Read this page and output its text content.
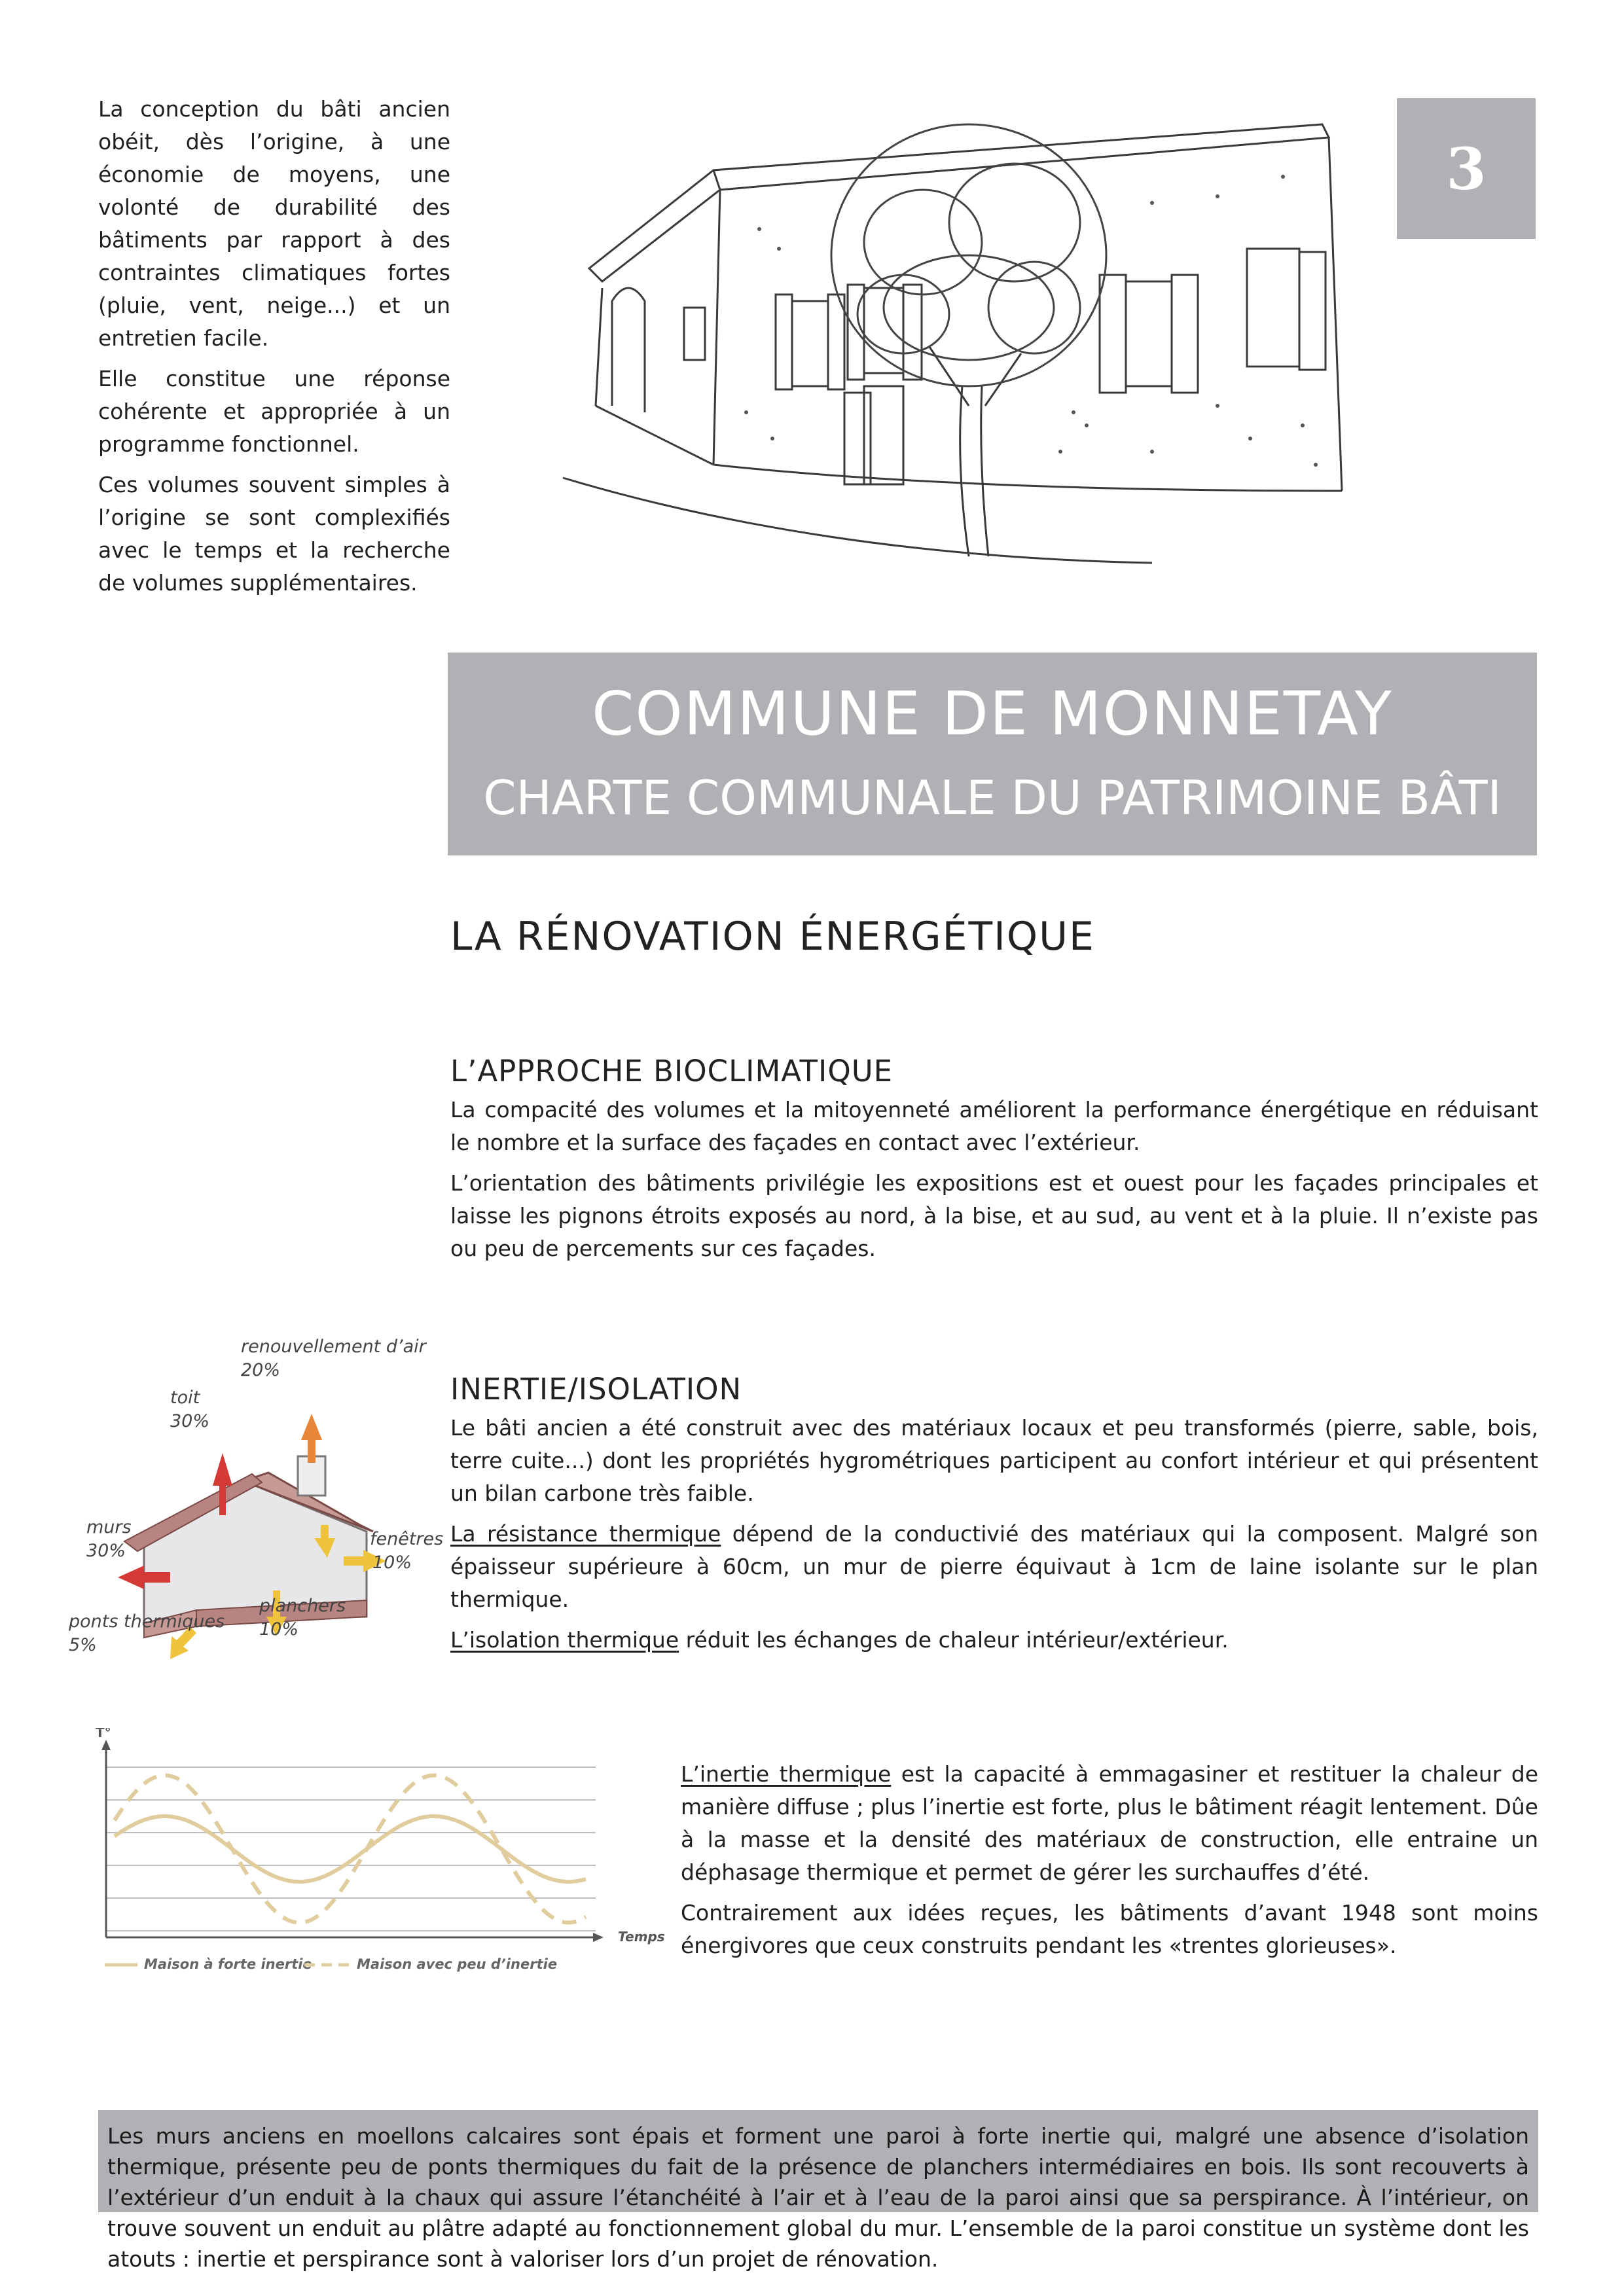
La conception du bâti ancien obéit, dès l’origine, à une économie de moyens, une volonté de durabilité des bâtiments par rapport à des contraintes climatiques fortes (pluie, vent, neige...) et un entretien facile.

Elle constitue une réponse cohérente et appropriée à un programme fonctionnel.

Ces volumes souvent simples à l’origine se sont complexifiés avec le temps et la recherche de volumes supplémentaires.

3
COMMUNE DE MONNETAY
CHARTE COMMUNALE DU PATRIMOINE BÂTI
LA RÉNOVATION ÉNERGÉTIQUE
L’APPROCHE BIOCLIMATIQUE

La compacité des volumes et la mitoyenneté améliorent la performance énergétique en réduisant le nombre et la surface des façades en contact avec l’extérieur.

L’orientation des bâtiments privilégie les expositions est et ouest pour les façades principales et laisse les pignons étroits exposés au nord, à la bise, et au sud, au vent et à la pluie. Il n’existe pas ou peu de percements sur ces façades.

INERTIE/ISOLATION

Le bâti ancien a été construit avec des matériaux locaux et peu transformés (pierre, sable, bois, terre cuite...) dont les propriétés hygrométriques participent au confort intérieur et qui présentent un bilan carbone très faible.

La résistance thermique dépend de la conductivié des matériaux qui la composent. Malgré son épaisseur supérieure à 60cm, un mur de pierre équivaut à 1cm de laine isolante sur le plan thermique.

L’isolation thermique réduit les échanges de chaleur intérieur/extérieur.

renouvellement d’air
20%
toit
30%
murs
30%
fenêtres
10%
planchers
10%
ponts thermiques
5%
T°
Temps
Maison à forte inertie	Maison avec peu d’inertie

L’inertie thermique est la capacité à emmagasiner et restituer la chaleur de manière diffuse ; plus l’inertie est forte, plus le bâtiment réagit lentement. Dûe à la masse et la densité des matériaux de construction, elle entraine un déphasage thermique et permet de gérer les surchauffes d’été.

Contrairement aux idées reçues, les bâtiments d’avant 1948 sont moins énergivores que ceux construits pendant les «trentes glorieuses».

Les murs anciens en moellons calcaires sont épais et forment une paroi à forte inertie qui, malgré une absence d’isolation thermique, présente peu de ponts thermiques du fait de la présence de planchers intermédiaires en bois. Ils sont recouverts à l’extérieur d’un enduit à la chaux qui assure l’étanchéité à l’air et à l’eau de la paroi ainsi que sa perspirance. À l’intérieur, on trouve souvent un enduit au plâtre adapté au fonctionnement global du mur. L’ensemble de la paroi constitue un système dont les atouts : inertie et perspirance sont à valoriser lors d’un projet de rénovation.
